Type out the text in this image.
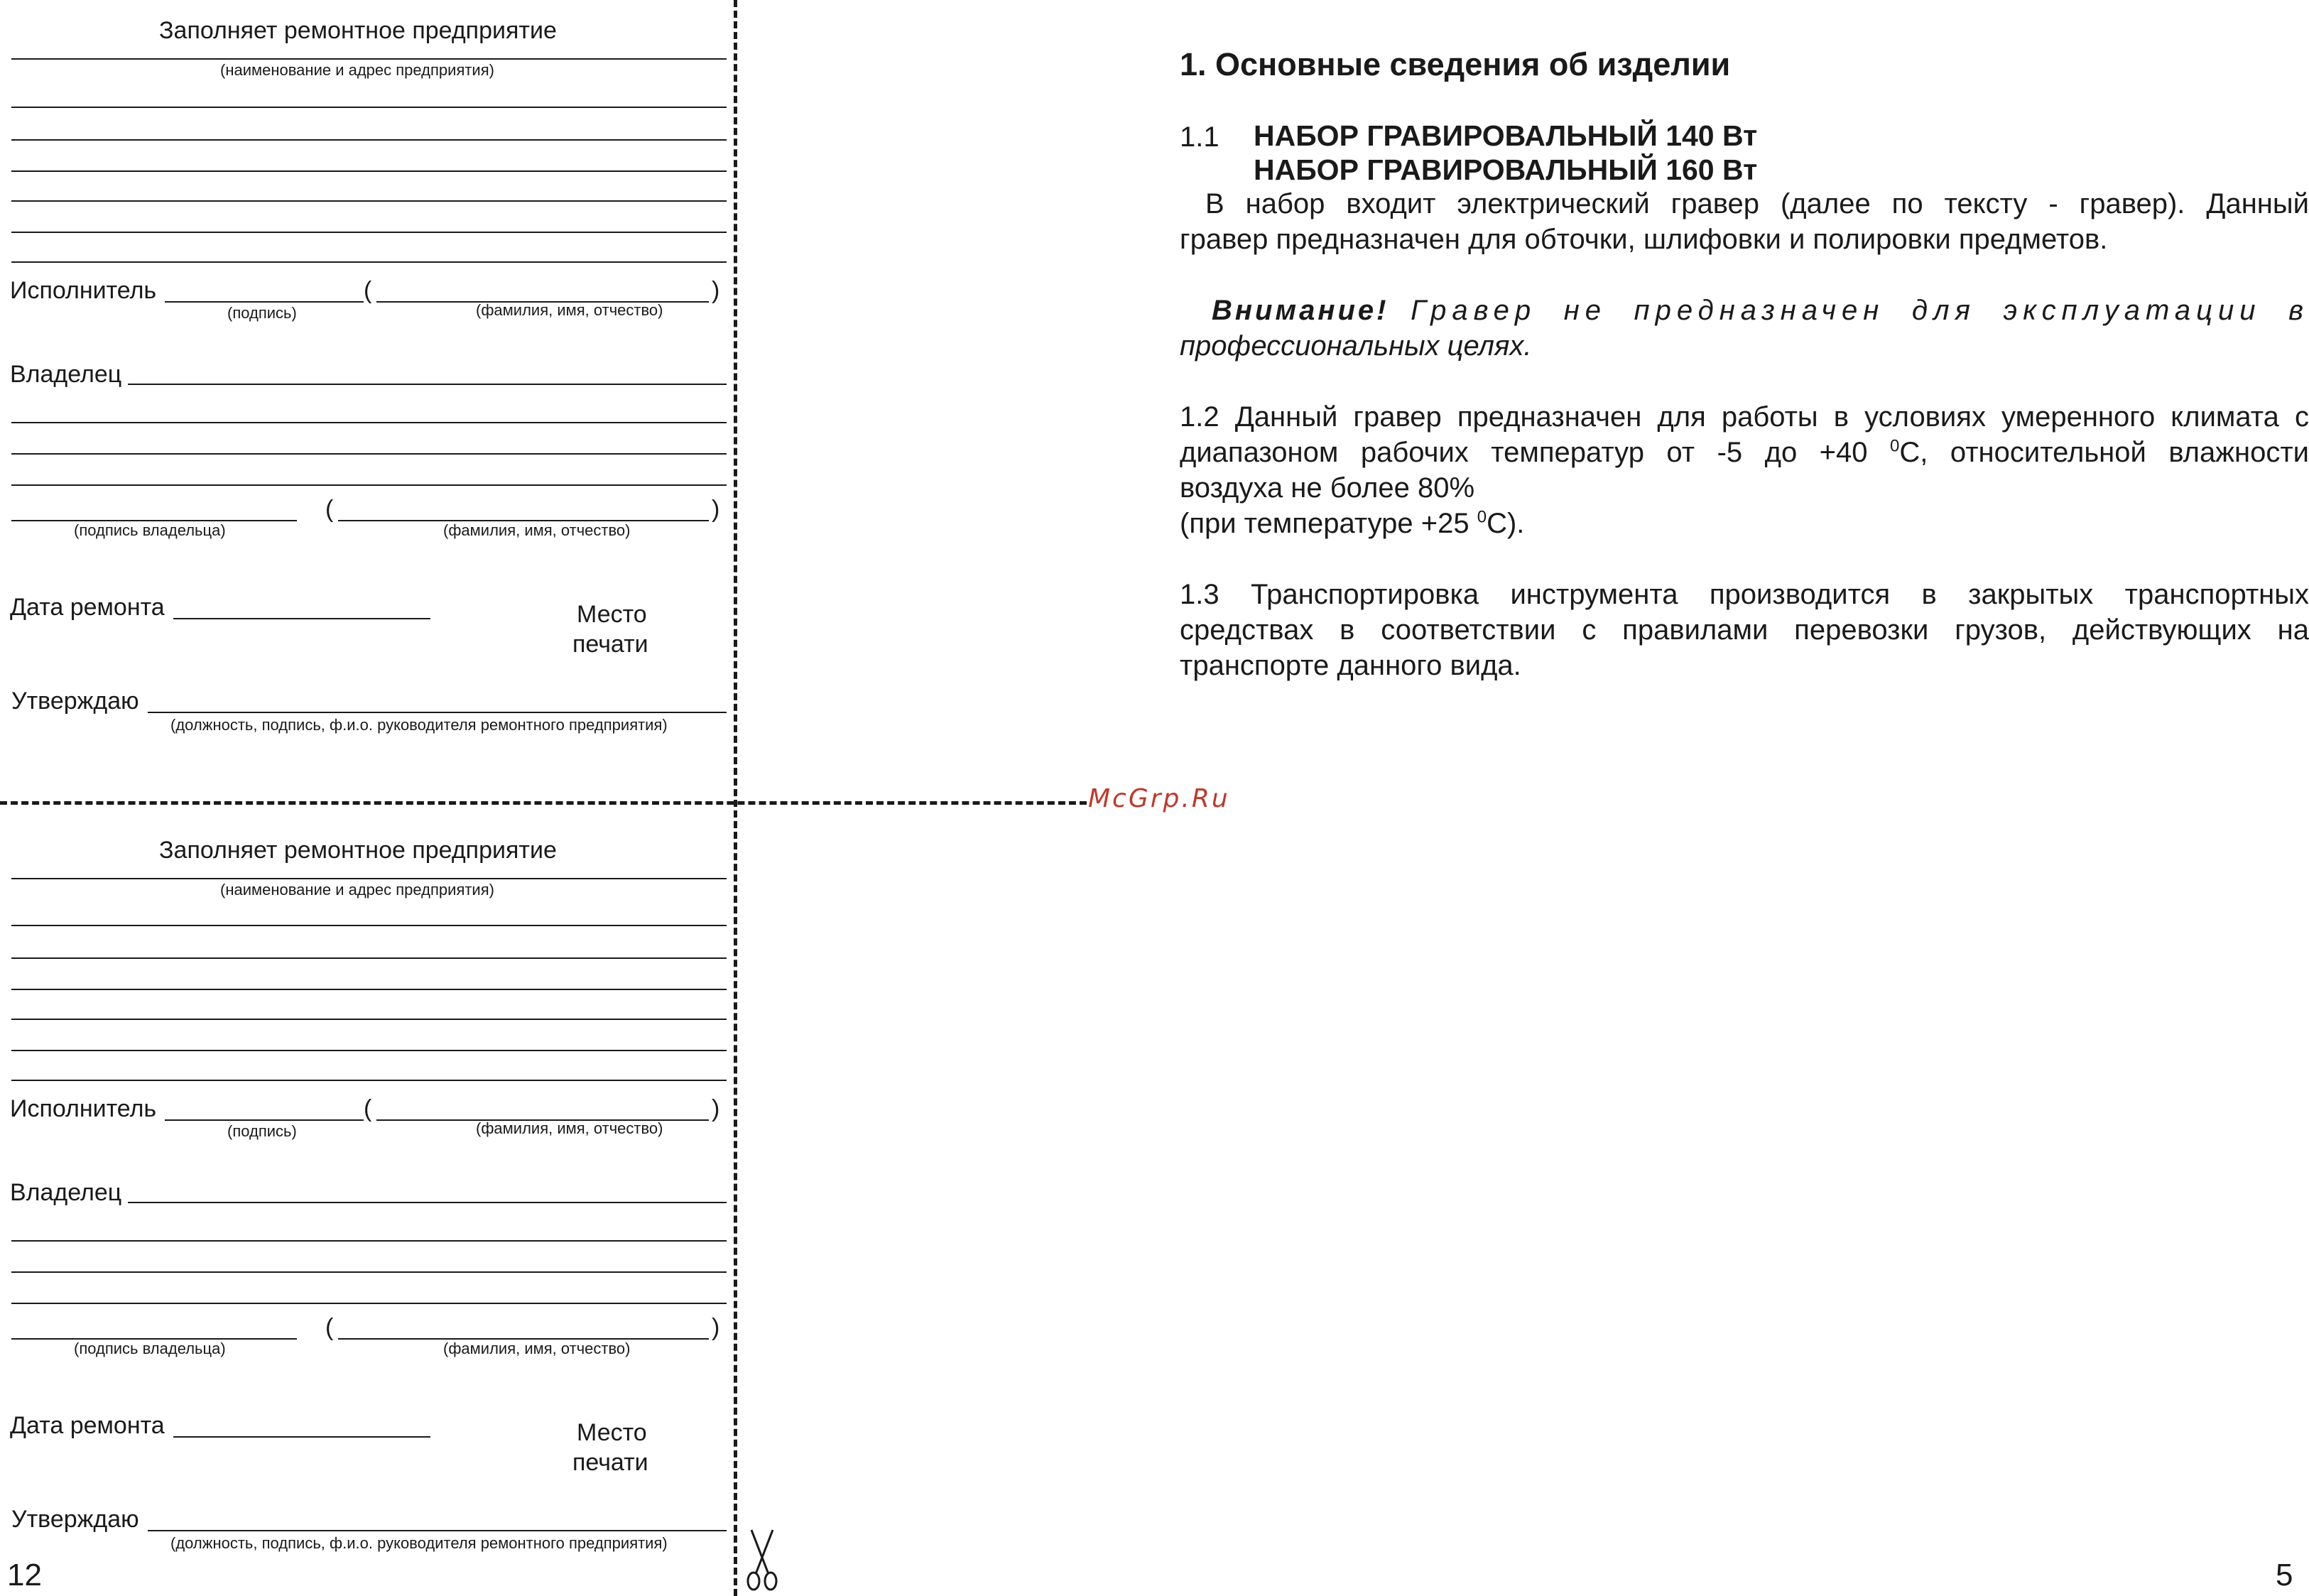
Заполняет ремонтное предприятие
(наименование и адрес предприятия)
Исполнитель	(	)
(подпись)	(фамилия, имя, отчество)
Владелец
(	)
(подпись владельца)	(фамилия, имя, отчество)
Дата ремонта	Место
печати
Утверждаю
(должность, подпись, ф.и.о. руководителя ремонтного предприятия)
Заполняет ремонтное предприятие
(наименование и адрес предприятия)
Исполнитель	(	)
(подпись)	(фамилия, имя, отчество)
Владелец
(	)
(подпись владельца)	(фамилия, имя, отчество)
Дата ремонта	Место
печати
Утверждаю
(должность, подпись, ф.и.о. руководителя ремонтного предприятия)
McGrp.Ru
12	5
1. Основные сведения об изделии
1.1 НАБОР ГРАВИРОВАЛЬНЫЙ 140 Вт
НАБОР ГРАВИРОВАЛЬНЫЙ 160 Вт
В набор входит электрический гравер (далее по тексту - гравер). Данный
гравер предназначен для обточки, шлифовки и полировки предметов.
Внимание! Гравер не предназначен для эксплуатации в
профессиональных целях.
1.2 Данный гравер предназначен для работы в условиях умеренного климата с
диапазоном рабочих температур от -5 до +40 $^0$С, относительной влажности
воздуха не более 80%
(при температуре +25 $^0$С).
1.3 Транспортировка инструмента производится в закрытых транспортных
средствах в соответствии с правилами перевозки грузов, действующих на
транспорте данного вида.
